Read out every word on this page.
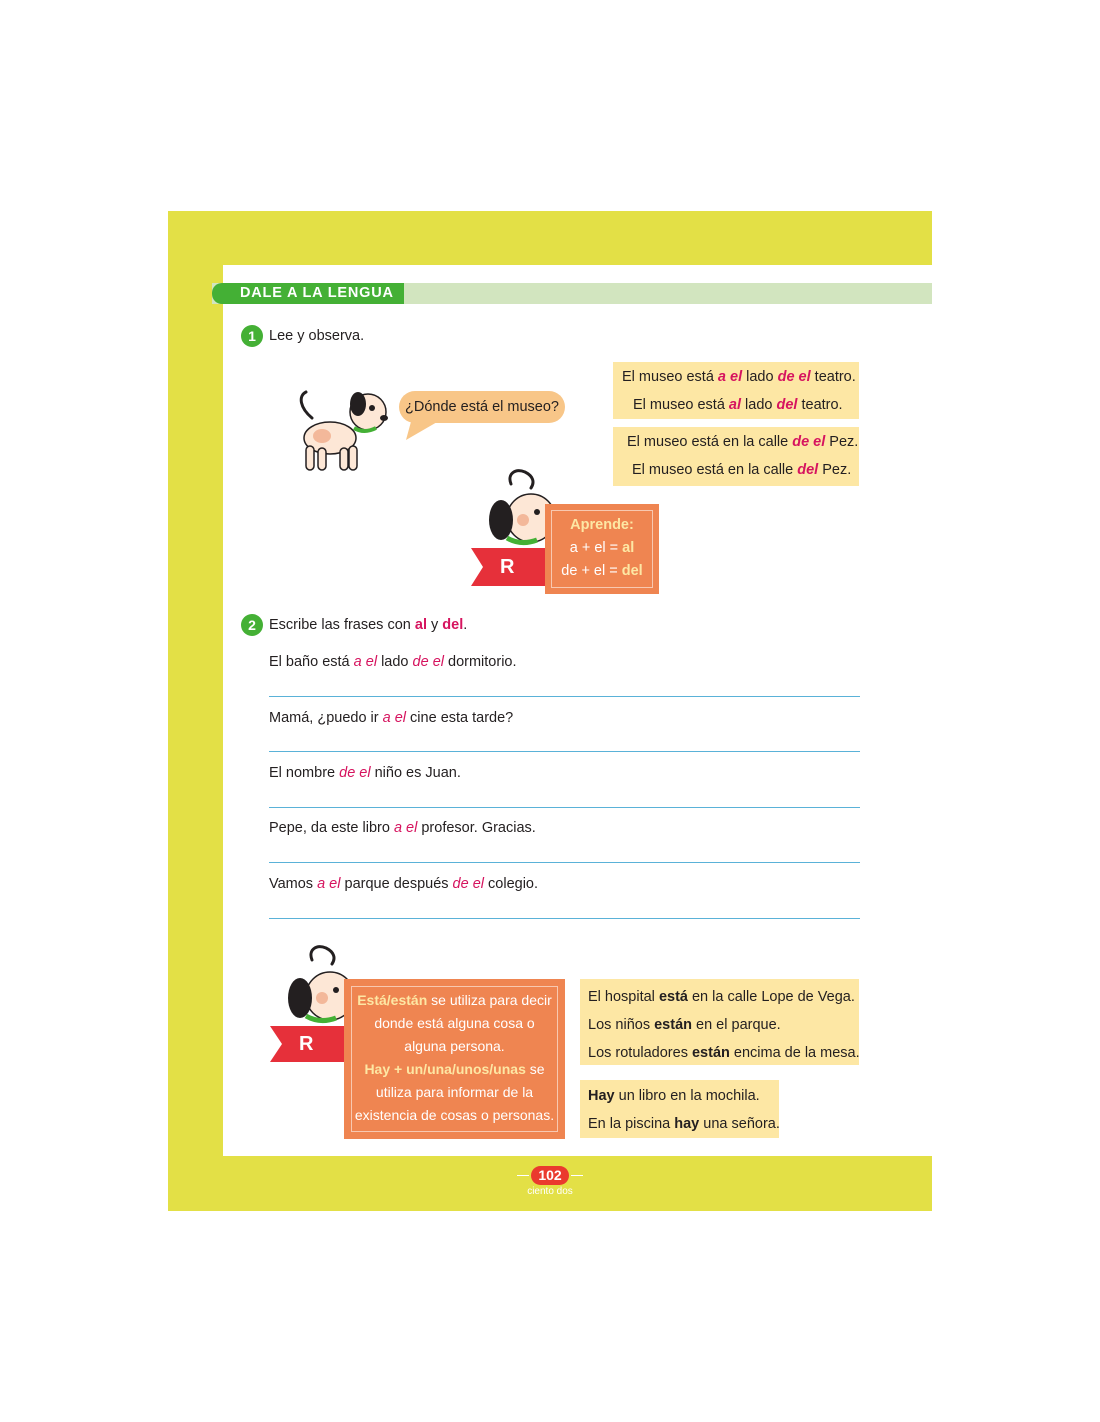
DALE A LA LENGUA
1 Lee y observa.
¿Dónde está el museo?
El museo está a el lado de el teatro.
El museo está al lado del teatro.
El museo está en la calle de el Pez.
El museo está en la calle del Pez.
R
Aprende:
a + el = al
de + el = del
2 Escribe las frases con al y del.
El baño está a el lado de el dormitorio.
Mamá, ¿puedo ir a el cine esta tarde?
El nombre de el niño es Juan.
Pepe, da este libro a el profesor. Gracias.
Vamos a el parque después de el colegio.
R
Está/están se utiliza para decir
donde está alguna cosa o
alguna persona.
Hay + un/una/unos/unas se
utiliza para informar de la
existencia de cosas o personas.
El hospital está en la calle Lope de Vega.
Los niños están en el parque.
Los rotuladores están encima de la mesa.
Hay un libro en la mochila.
En la piscina hay una señora.
102
ciento dos
